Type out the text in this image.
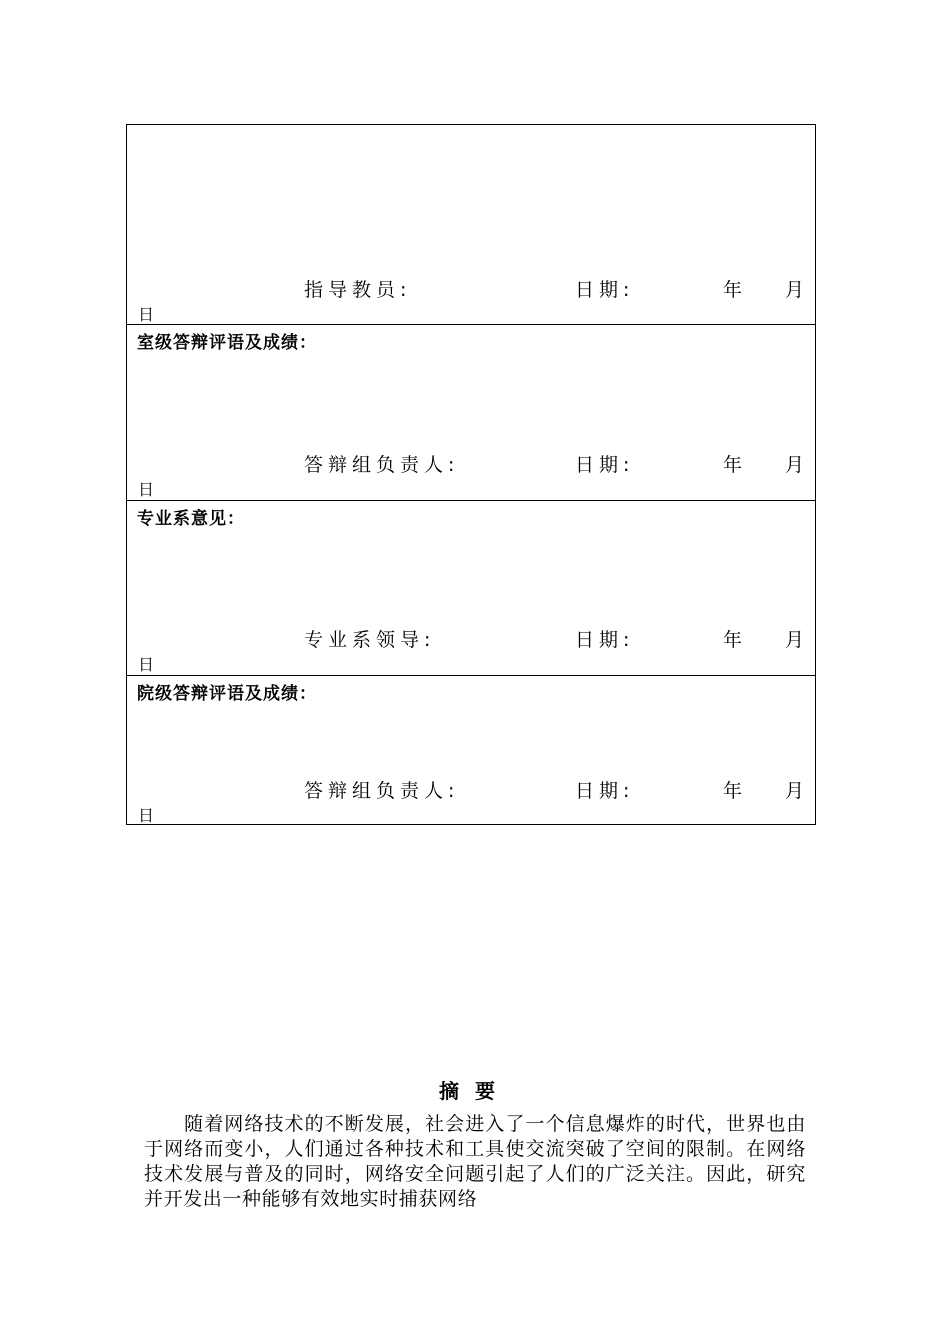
指导教员:	日期:	年 月
日
室级答辩评语及成绩：
答辩组负责人:	日期:	年 月
日
专业系意见：
专业系领导:	日期:	年 月
日
院级答辩评语及成绩：
答辩组负责人:	日期:	年 月
日
摘要
　　随着网络技术的不断发展，社会进入了一个信息爆炸的时代，世界也由于网络而变小，人们通过各种技术和工具使交流突破了空间的限制。在网络技术发展与普及的同时，网络安全问题引起了人们的广泛关注。因此，研究并开发出一种能够有效地实时捕获网络
